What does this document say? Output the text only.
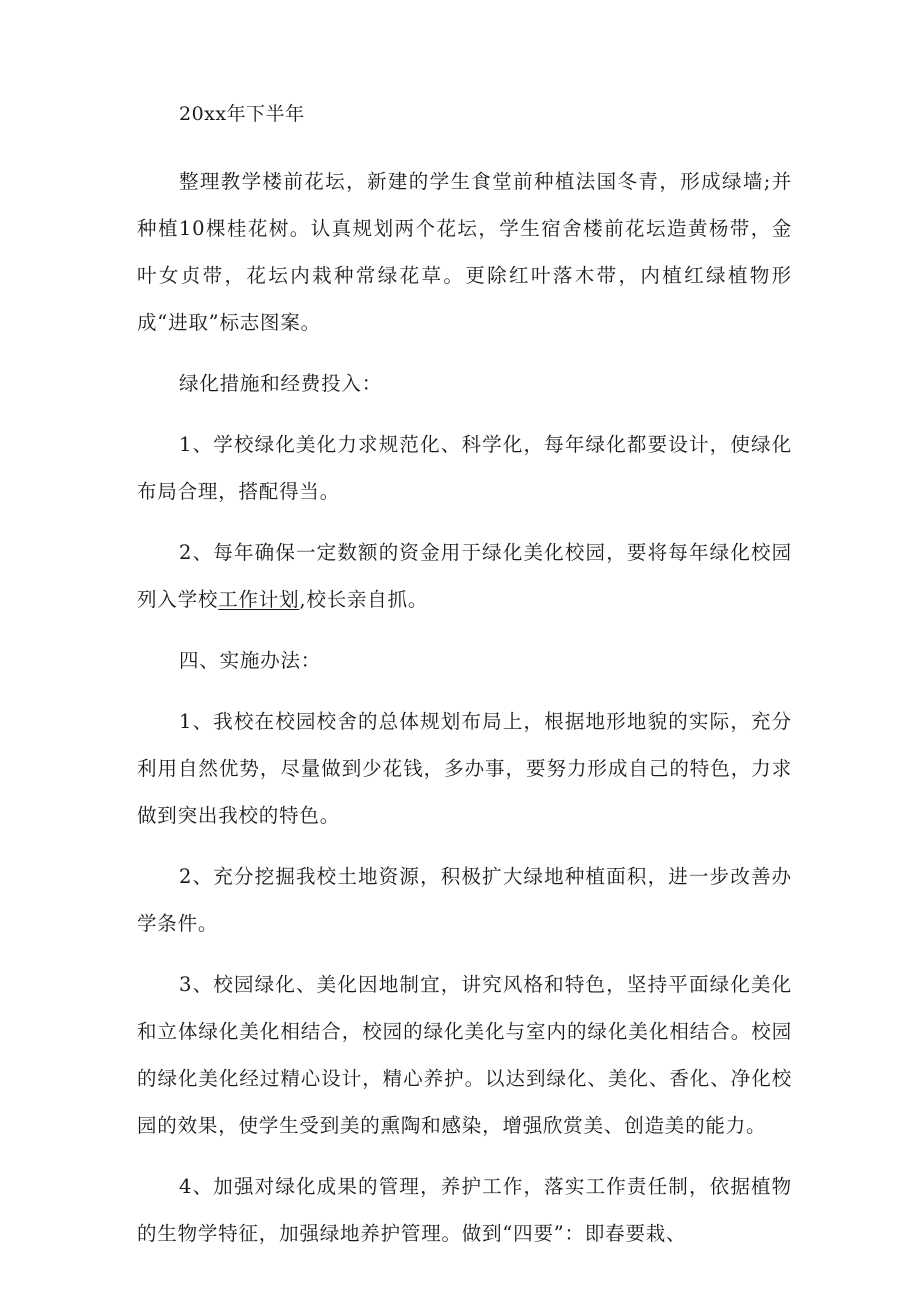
20xx年下半年

整理教学楼前花坛，新建的学生食堂前种植法国冬青，形成绿墙;并种植10棵桂花树。认真规划两个花坛，学生宿舍楼前花坛造黄杨带，金叶女贞带，花坛内栽种常绿花草。更除红叶落木带，内植红绿植物形成“进取”标志图案。

绿化措施和经费投入：

1、学校绿化美化力求规范化、科学化，每年绿化都要设计，使绿化布局合理，搭配得当。

2、每年确保一定数额的资金用于绿化美化校园，要将每年绿化校园列入学校工作计划,校长亲自抓。

四、实施办法：

1、我校在校园校舍的总体规划布局上，根据地形地貌的实际，充分利用自然优势，尽量做到少花钱，多办事，要努力形成自己的特色，力求做到突出我校的特色。

2、充分挖掘我校土地资源，积极扩大绿地种植面积，进一步改善办学条件。

3、校园绿化、美化因地制宜，讲究风格和特色，坚持平面绿化美化和立体绿化美化相结合，校园的绿化美化与室内的绿化美化相结合。校园的绿化美化经过精心设计，精心养护。以达到绿化、美化、香化、净化校园的效果，使学生受到美的熏陶和感染，增强欣赏美、创造美的能力。

4、加强对绿化成果的管理，养护工作，落实工作责任制，依据植物的生物学特征，加强绿地养护管理。做到“四要”：即春要栽、
